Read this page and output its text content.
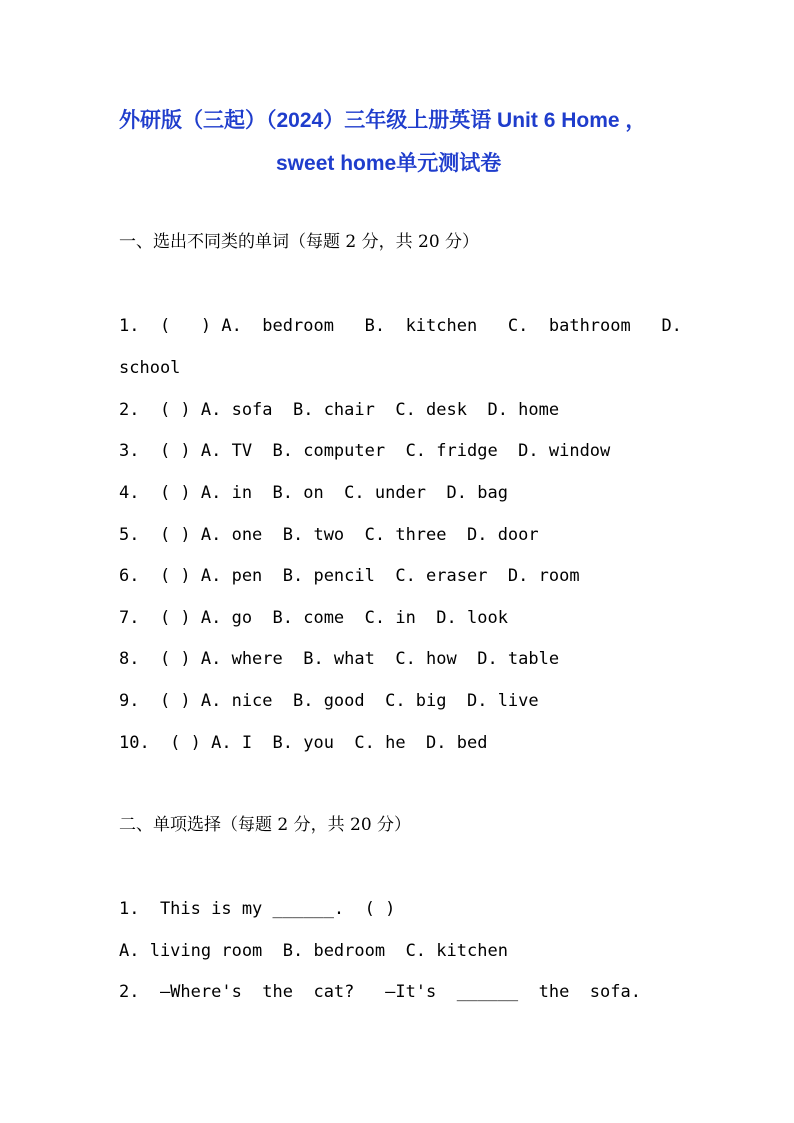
外研版（三起）（2024）三年级上册英语 Unit 6 Home ，

sweet home单元测试卷

一、选出不同类的单词（每题 2 分，共 20 分）

1.  (   ) A.  bedroom   B.  kitchen   C.  bathroom   D.

school

2.  ( ) A. sofa  B. chair  C. desk  D. home

3.  ( ) A. TV  B. computer  C. fridge  D. window

4.  ( ) A. in  B. on  C. under  D. bag

5.  ( ) A. one  B. two  C. three  D. door

6.  ( ) A. pen  B. pencil  C. eraser  D. room

7.  ( ) A. go  B. come  C. in  D. look

8.  ( ) A. where  B. what  C. how  D. table

9.  ( ) A. nice  B. good  C. big  D. live

10.  ( ) A. I  B. you  C. he  D. bed

二、单项选择（每题 2 分，共 20 分）

1.  This is my ______.  ( )

A. living room  B. bedroom  C. kitchen

2.  —Where's  the  cat?   —It's  ______  the  sofa.
